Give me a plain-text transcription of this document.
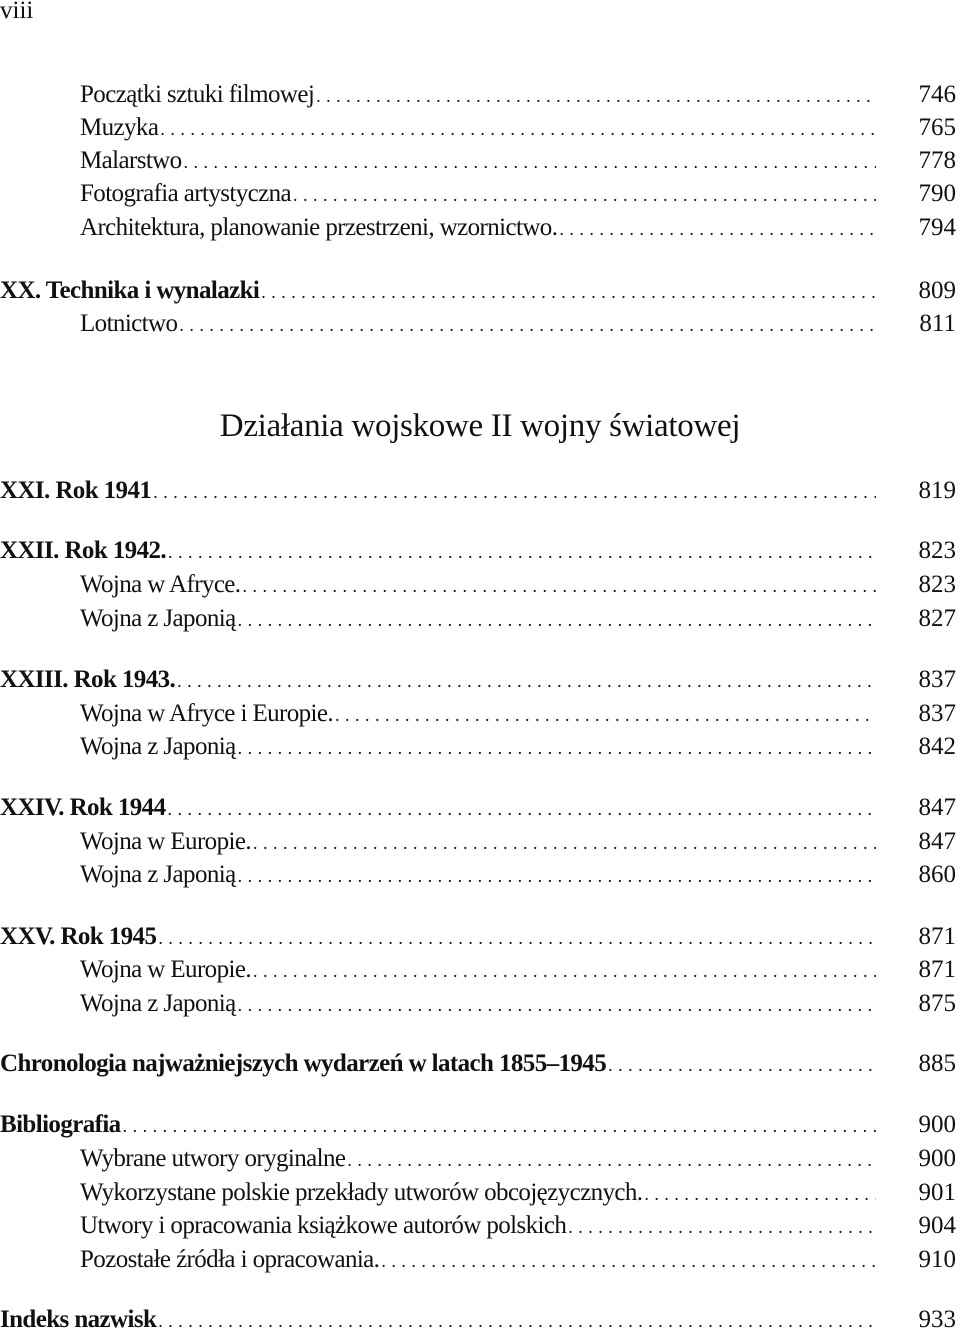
viii
Początki sztuki filmowej . . .	746
Muzyka . . .	765
Malarstwo . . .	778
Fotografia artystyczna . . .	790
Architektura, planowanie przestrzeni, wzornictwo. . . .	794
XX. Technika i wynalazki . . .	809
Lotnictwo . . .	811
Działania wojskowe II wojny światowej
XXI. Rok 1941 . . .	819
XXII. Rok 1942. . . .	823
Wojna w Afryce. . . .	823
Wojna z Japonią . . .	827
XXIII. Rok 1943. . . .	837
Wojna w Afryce i Europie. . . .	837
Wojna z Japonią . . .	842
XXIV. Rok 1944 . . .	847
Wojna w Europie. . . .	847
Wojna z Japonią . . .	860
XXV. Rok 1945 . . .	871
Wojna w Europie. . . .	871
Wojna z Japonią . . .	875
Chronologia najważniejszych wydarzeń w latach 1855–1945 . . .	885
Bibliografia . . .	900
Wybrane utwory oryginalne . . .	900
Wykorzystane polskie przekłady utworów obcojęzycznych. . . .	901
Utwory i opracowania książkowe autorów polskich . . .	904
Pozostałe źródła i opracowania. . . .	910
Indeks nazwisk . . .	933
